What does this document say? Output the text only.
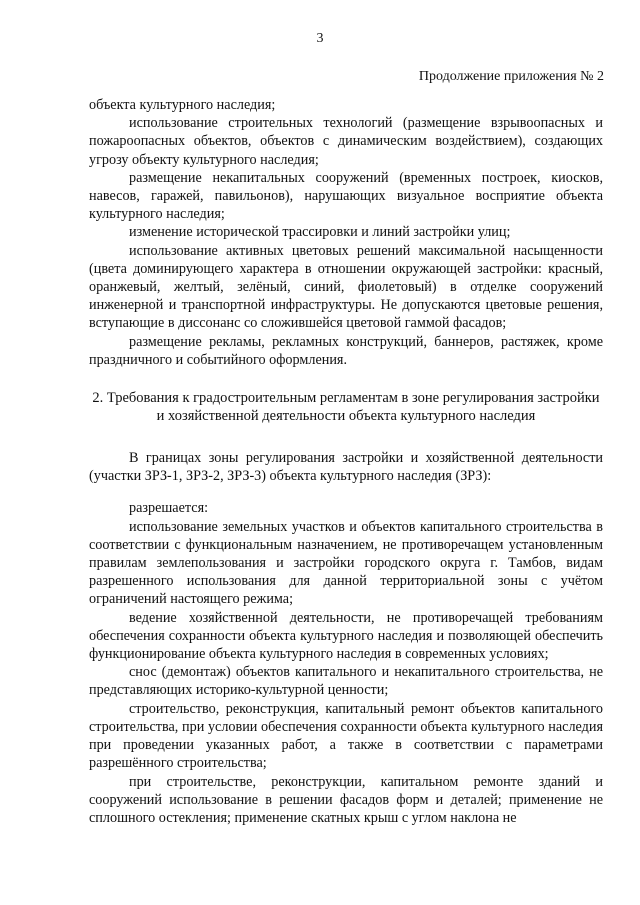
3
Продолжение приложения № 2

объекта культурного наследия;

использование строительных технологий (размещение взрывоопасных и пожароопасных объектов, объектов с динамическим воздействием), создающих угрозу объекту культурного наследия;

размещение некапитальных сооружений (временных построек, киосков, навесов, гаражей, павильонов), нарушающих визуальное восприятие объекта культурного наследия;

изменение исторической трассировки и линий застройки улиц;

использование активных цветовых решений максимальной насыщенности (цвета доминирующего характера в отношении окружающей застройки: красный, оранжевый, желтый, зелёный, синий, фиолетовый) в отделке сооружений инженерной и транспортной инфраструктуры. Не допускаются цветовые решения, вступающие в диссонанс со сложившейся цветовой гаммой фасадов;

размещение рекламы, рекламных конструкций, баннеров, растяжек, кроме праздничного и событийного оформления.

2. Требования к градостроительным регламентам в зоне регулирования застройки и хозяйственной деятельности объекта культурного наследия

В границах зоны регулирования застройки и хозяйственной деятельности (участки ЗРЗ-1, ЗРЗ-2, ЗРЗ-3) объекта культурного наследия (ЗРЗ):

разрешается:

использование земельных участков и объектов капитального строительства в соответствии с функциональным назначением, не противоречащем установленным правилам землепользования и застройки городского округа г. Тамбов, видам разрешенного использования для данной территориальной зоны с учётом ограничений настоящего режима;

ведение хозяйственной деятельности, не противоречащей требованиям обеспечения сохранности объекта культурного наследия и позволяющей обеспечить функционирование объекта культурного наследия в современных условиях;

снос (демонтаж) объектов капитального и некапитального строительства, не представляющих историко-культурной ценности;

строительство, реконструкция, капитальный ремонт объектов капитального строительства, при условии обеспечения сохранности объекта культурного наследия при проведении указанных работ, а также в соответствии с параметрами разрешённого строительства;

при строительстве, реконструкции, капитальном ремонте зданий и сооружений использование в решении фасадов форм и деталей; применение не сплошного остекления; применение скатных крыш с углом наклона не
